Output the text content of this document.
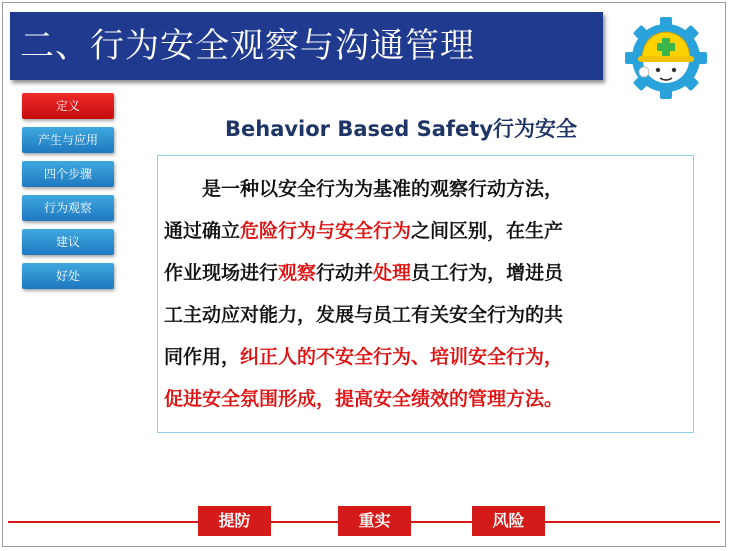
二、行为安全观察与沟通管理
定义
产生与应用
四个步骤
行为观察
建议
好处
Behavior Based Safety行为安全
是一种以安全行为为基准的观察行动方法，
通过确立危险行为与安全行为之间区别，在生产
作业现场进行观察行动并处理员工行为，增进员
工主动应对能力，发展与员工有关安全行为的共
同作用，纠正人的不安全行为、培训安全行为，
促进安全氛围形成，提高安全绩效的管理方法。
提防	重实	风险
